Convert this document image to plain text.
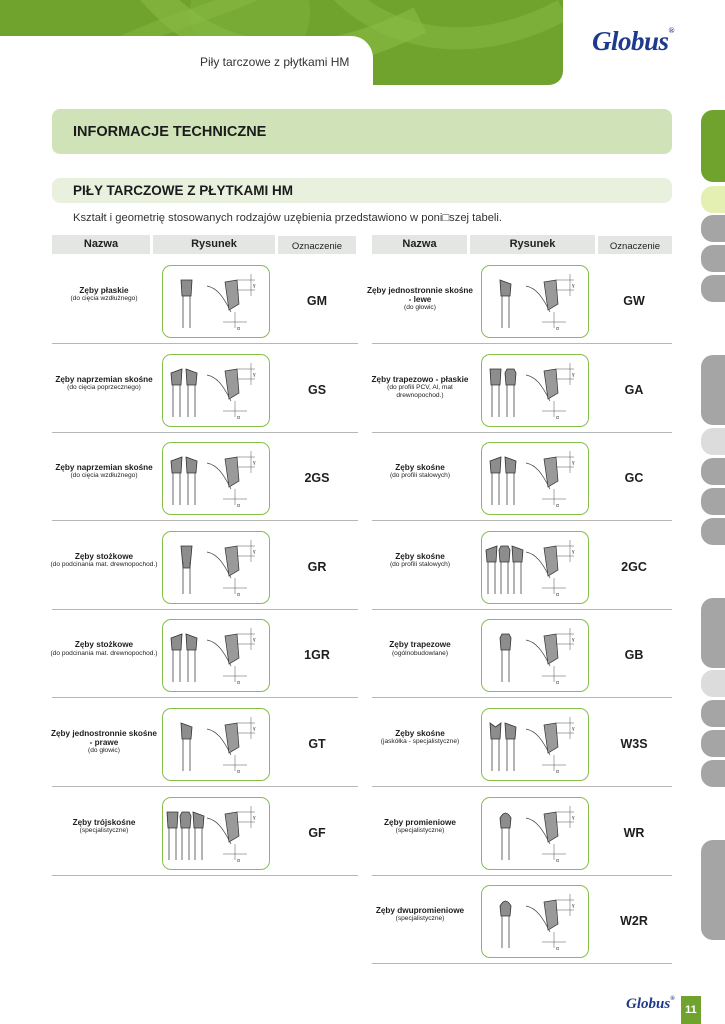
Piły tarczowe z płytkami HM
Globus®
INFORMACJE TECHNICZNE
PIŁY TARCZOWE Z PŁYTKAMI HM
Kształt i geometrię stosowanych rodzajów uzębienia przedstawiono w poni□szej tabeli.
Nazwa	Rysunek	Oznaczenie	Nazwa	Rysunek	Oznaczenie
Zęby płaskie
(do cięcia wzdłużnego)
γ
α
GM
Zęby naprzemian skośne
(do cięcia poprzecznego)
γ
α
GS
Zęby naprzemian skośne
(do cięcia wzdłużnego)
γ
α
2GS
Zęby stożkowe
(do podcinania mat. drewnopochod.)
γ
α
GR
Zęby stożkowe
(do podcinania mat. drewnopochod.)
γ
α
1GR
Zęby jednostronnie skośne - prawe
(do głowic)
γ
α
GT
Zęby trójskośne
(specjalistyczne)
γ
α
GF
Zęby jednostronnie skośne - lewe
(do głowic)
γ
α
GW
Zęby trapezowo - płaskie
(do profili PCV, Al, mat drewnopochod.)
γ
α
GA
Zęby skośne
(do profili stalowych)
γ
α
GC
Zęby skośne
(do profili stalowych)
γ
α
2GC
Zęby trapezowe
(ogólnobudowlane)
γ
α
GB
Zęby skośne
(jaskółka - specjalistyczne)
γ
α
W3S
Zęby promieniowe
(specjalistyczne)
γ
α
WR
Zęby dwupromieniowe
(specjalistyczne)
γ
α
W2R
Globus®
11
